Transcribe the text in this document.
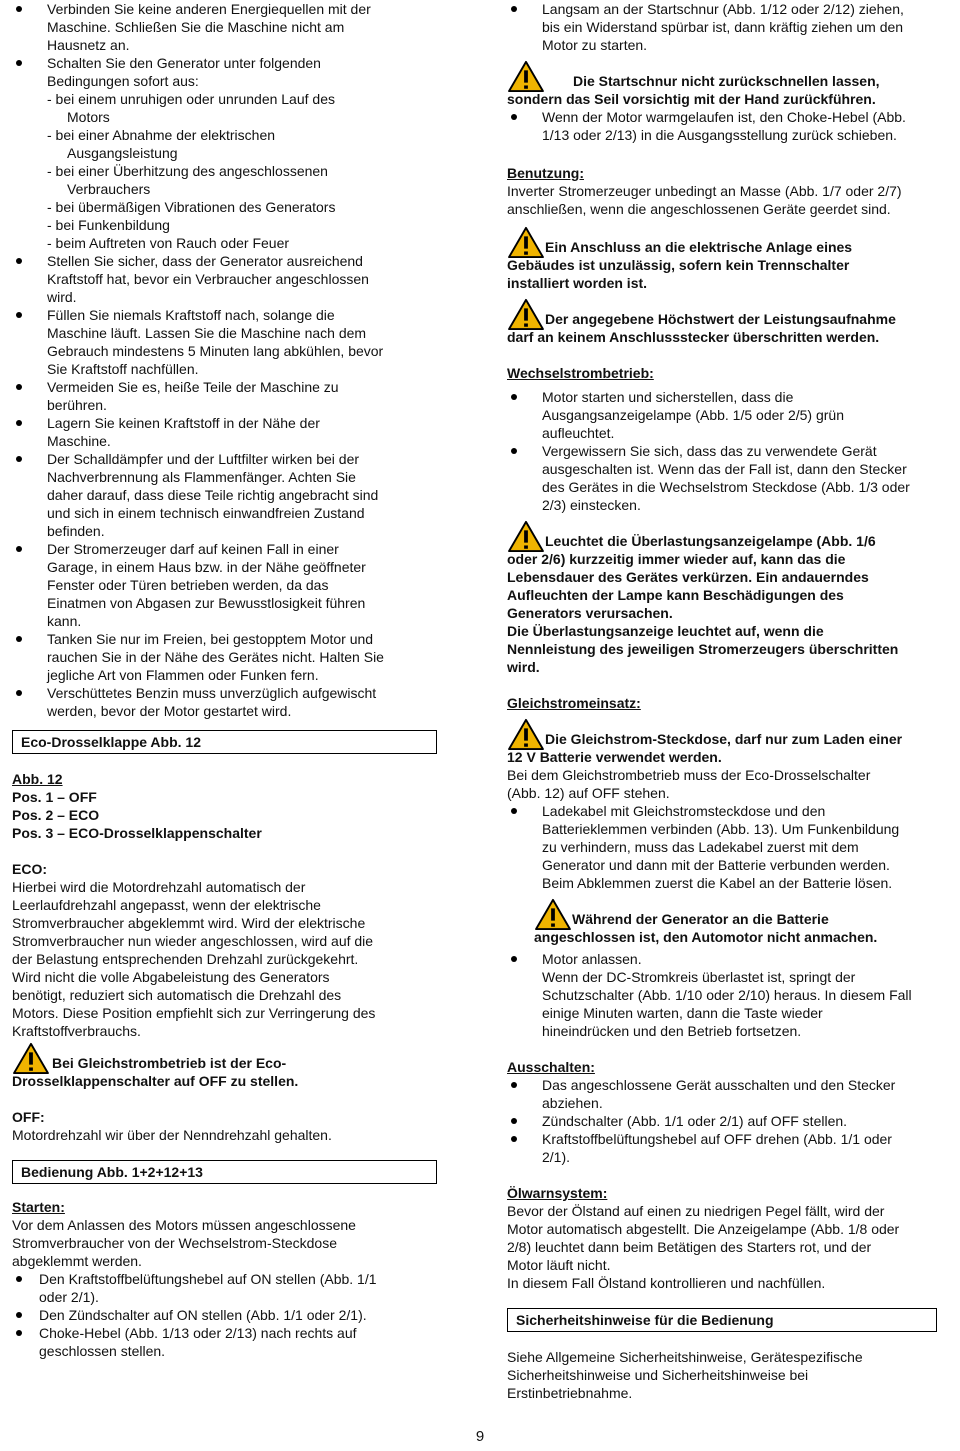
Verbinden Sie keine anderen Energiequellen mit der
Maschine. Schließen Sie die Maschine nicht am
Hausnetz an.
Schalten Sie den Generator unter folgenden
Bedingungen sofort aus:
- bei einem unruhigen oder unrunden Lauf des
Motors
- bei einer Abnahme der elektrischen
Ausgangsleistung
- bei einer Überhitzung des angeschlossenen
Verbrauchers
- bei übermäßigen Vibrationen des Generators
- bei Funkenbildung
- beim Auftreten von Rauch oder Feuer
Stellen Sie sicher, dass der Generator ausreichend
Kraftstoff hat, bevor ein Verbraucher angeschlossen
wird.
Füllen Sie niemals Kraftstoff nach, solange die
Maschine läuft. Lassen Sie die Maschine nach dem
Gebrauch mindestens 5 Minuten lang abkühlen, bevor
Sie Kraftstoff nachfüllen.
Vermeiden Sie es, heiße Teile der Maschine zu
berühren.
Lagern Sie keinen Kraftstoff in der Nähe der
Maschine.
Der Schalldämpfer und der Luftfilter wirken bei der
Nachverbrennung als Flammenfänger. Achten Sie
daher darauf, dass diese Teile richtig angebracht sind
und sich in einem technisch einwandfreien Zustand
befinden.
Der Stromerzeuger darf auf keinen Fall in einer
Garage, in einem Haus bzw. in der Nähe geöffneter
Fenster oder Türen betrieben werden, da das
Einatmen von Abgasen zur Bewusstlosigkeit führen
kann.
Tanken Sie nur im Freien, bei gestopptem Motor und
rauchen Sie in der Nähe des Gerätes nicht. Halten Sie
jegliche Art von Flammen oder Funken fern.
Verschüttetes Benzin muss unverzüglich aufgewischt
werden, bevor der Motor gestartet wird.
Eco-Drosselklappe Abb. 12
Abb. 12
Pos. 1 – OFF
Pos. 2 – ECO
Pos. 3 – ECO-Drosselklappenschalter
ECO:
Hierbei wird die Motordrehzahl automatisch der
Leerlaufdrehzahl angepasst, wenn der elektrische
Stromverbraucher abgeklemmt wird. Wird der elektrische
Stromverbraucher nun wieder angeschlossen, wird auf die
der Belastung entsprechenden Drehzahl zurückgekehrt.
Wird nicht die volle Abgabeleistung des Generators
benötigt, reduziert sich automatisch die Drehzahl des
Motors. Diese Position empfiehlt sich zur Verringerung des
Kraftstoffverbrauchs.
Bei Gleichstrombetrieb ist der Eco-
Drosselklappenschalter auf OFF zu stellen.
OFF:
Motordrehzahl wir über der Nenndrehzahl gehalten.
Bedienung Abb. 1+2+12+13
Starten:
Vor dem Anlassen des Motors müssen angeschlossene
Stromverbraucher von der Wechselstrom-Steckdose
abgeklemmt werden.
Den Kraftstoffbelüftungshebel auf ON stellen (Abb. 1/1
oder 2/1).
Den Zündschalter auf ON stellen (Abb. 1/1 oder 2/1).
Choke-Hebel (Abb. 1/13 oder 2/13) nach rechts auf
geschlossen stellen.
Langsam an der Startschnur (Abb. 1/12 oder 2/12) ziehen,
bis ein Widerstand spürbar ist, dann kräftig ziehen um den
Motor zu starten.
Die Startschnur nicht zurückschnellen lassen,
sondern das Seil vorsichtig mit der Hand zurückführen.
Wenn der Motor warmgelaufen ist, den Choke-Hebel (Abb.
1/13 oder 2/13) in die Ausgangsstellung zurück schieben.
Benutzung:
Inverter Stromerzeuger unbedingt an Masse (Abb. 1/7 oder 2/7)
anschließen, wenn die angeschlossenen Geräte geerdet sind.
Ein Anschluss an die elektrische Anlage eines
Gebäudes ist unzulässig, sofern kein Trennschalter
installiert worden ist.
Der angegebene Höchstwert der Leistungsaufnahme
darf an keinem Anschlussstecker überschritten werden.
Wechselstrombetrieb:
Motor starten und sicherstellen, dass die
Ausgangsanzeigelampe (Abb. 1/5 oder 2/5) grün
aufleuchtet.
Vergewissern Sie sich, dass das zu verwendete Gerät
ausgeschalten ist. Wenn das der Fall ist, dann den Stecker
des Gerätes in die Wechselstrom Steckdose (Abb. 1/3 oder
2/3) einstecken.
Leuchtet die Überlastungsanzeigelampe (Abb. 1/6
oder 2/6) kurzzeitig immer wieder auf, kann das die
Lebensdauer des Gerätes verkürzen. Ein andauerndes
Aufleuchten der Lampe kann Beschädigungen des
Generators verursachen.
Die Überlastungsanzeige leuchtet auf, wenn die
Nennleistung des jeweiligen Stromerzeugers überschritten
wird.
Gleichstromeinsatz:
Die Gleichstrom-Steckdose, darf nur zum Laden einer
12 V Batterie verwendet werden.
Bei dem Gleichstrombetrieb muss der Eco-Drosselschalter
(Abb. 12) auf OFF stehen.
Ladekabel mit Gleichstromsteckdose und den
Batterieklemmen verbinden (Abb. 13). Um Funkenbildung
zu verhindern, muss das Ladekabel zuerst mit dem
Generator und dann mit der Batterie verbunden werden.
Beim Abklemmen zuerst die Kabel an der Batterie lösen.
Während der Generator an die Batterie
angeschlossen ist, den Automotor nicht anmachen.
Motor anlassen.
Wenn der DC-Stromkreis überlastet ist, springt der
Schutzschalter (Abb. 1/10 oder 2/10) heraus. In diesem Fall
einige Minuten warten, dann die Taste wieder
hineindrücken und den Betrieb fortsetzen.
Ausschalten:
Das angeschlossene Gerät ausschalten und den Stecker
abziehen.
Zündschalter (Abb. 1/1 oder 2/1) auf OFF stellen.
Kraftstoffbelüftungshebel auf OFF drehen (Abb. 1/1 oder
2/1).
Ölwarnsystem:
Bevor der Ölstand auf einen zu niedrigen Pegel fällt, wird der
Motor automatisch abgestellt. Die Anzeigelampe (Abb. 1/8 oder
2/8) leuchtet dann beim Betätigen des Starters rot, und der
Motor läuft nicht.
In diesem Fall Ölstand kontrollieren und nachfüllen.
Sicherheitshinweise für die Bedienung
Siehe Allgemeine Sicherheitshinweise, Gerätespezifische
Sicherheitshinweise und Sicherheitshinweise bei
Erstinbetriebnahme.
9
